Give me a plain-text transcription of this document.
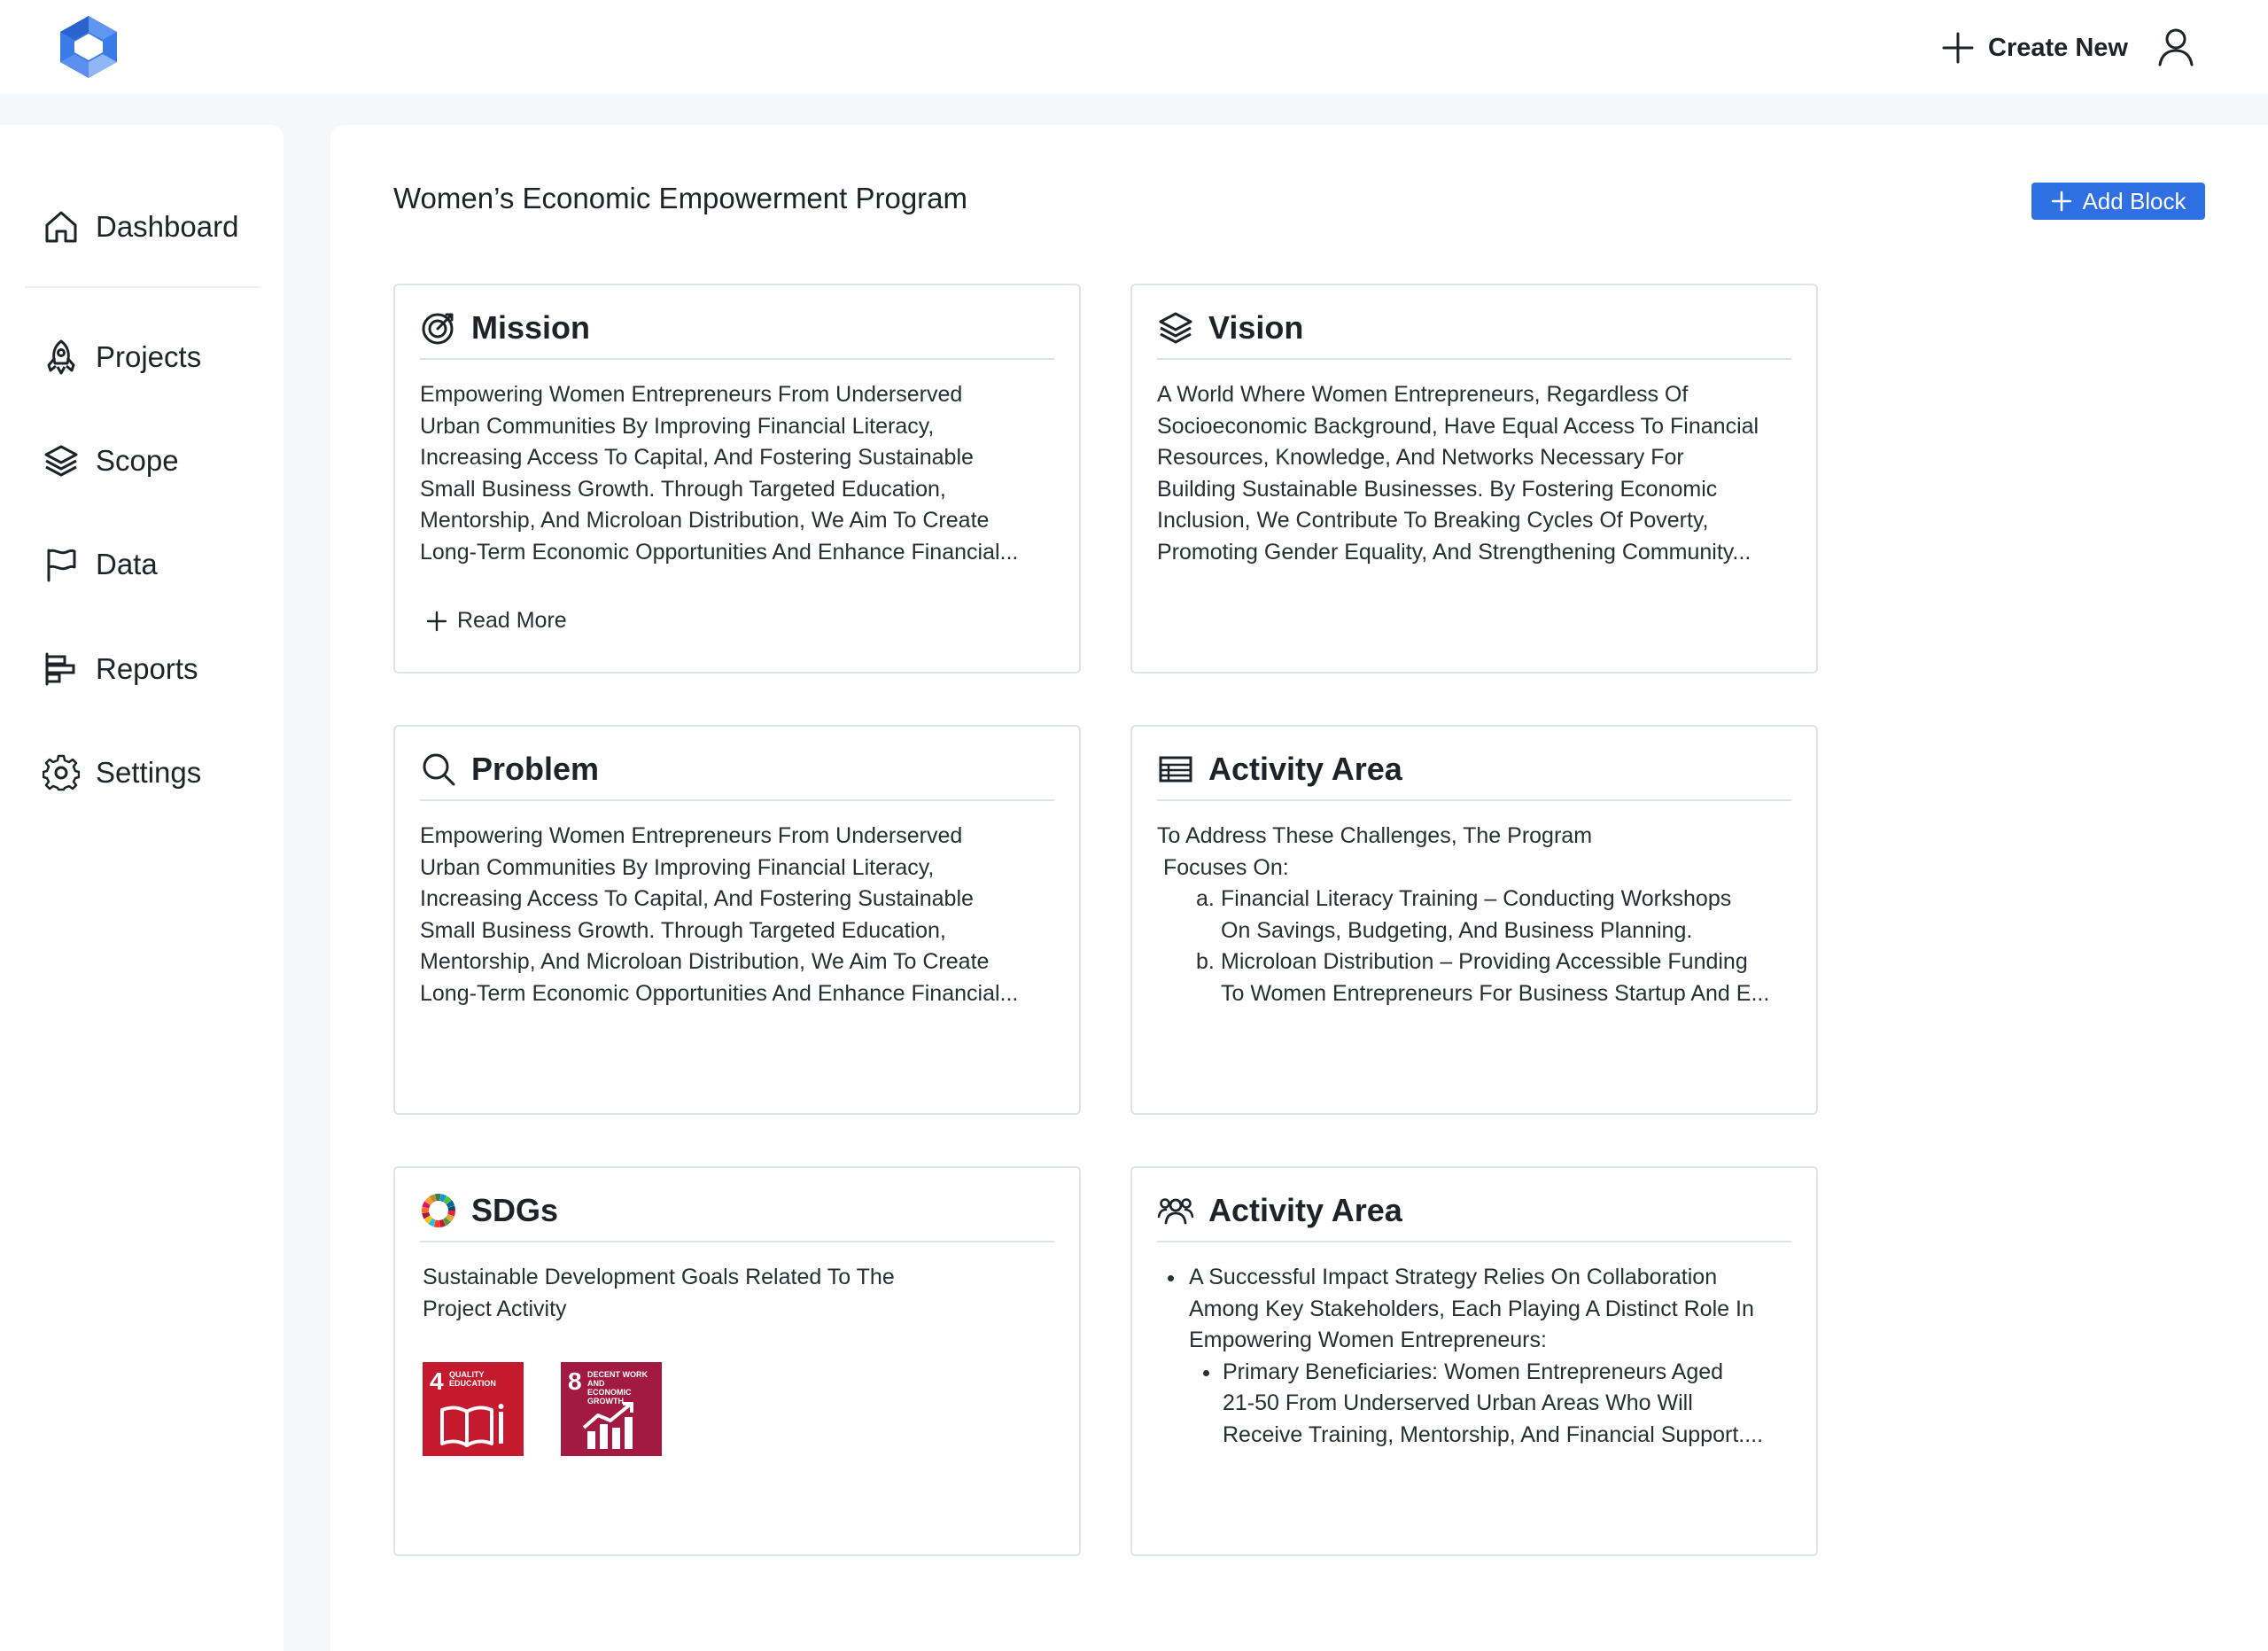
Create New
Dashboard
Projects
Scope
Data
Reports
Settings
Women’s Economic Empowerment Program	Add Block
Mission

Empowering Women Entrepreneurs From Underserved

Urban Communities By Improving Financial Literacy,

Increasing Access To Capital, And Fostering Sustainable

Small Business Growth. Through Targeted Education,

Mentorship, And Microloan Distribution, We Aim To Create

Long-Term Economic Opportunities And Enhance Financial...

Read More
Vision

A World Where Women Entrepreneurs, Regardless Of

Socioeconomic Background, Have Equal Access To Financial

Resources, Knowledge, And Networks Necessary For

Building Sustainable Businesses. By Fostering Economic

Inclusion, We Contribute To Breaking Cycles Of Poverty,

Promoting Gender Equality, And Strengthening Community...

Problem

Empowering Women Entrepreneurs From Underserved

Urban Communities By Improving Financial Literacy,

Increasing Access To Capital, And Fostering Sustainable

Small Business Growth. Through Targeted Education,

Mentorship, And Microloan Distribution, We Aim To Create

Long-Term Economic Opportunities And Enhance Financial...

Activity Area

To Address These Challenges, The Program

Focuses On:

a. Financial Literacy Training – Conducting Workshops

On Savings, Budgeting, And Business Planning.

b. Microloan Distribution – Providing Accessible Funding

To Women Entrepreneurs For Business Startup And E...

SDGs

Sustainable Development Goals Related To The

Project Activity

4 QUALITY
EDUCATION	8 DECENT WORK AND
ECONOMIC GROWTH
Activity Area

A Successful Impact Strategy Relies On Collaboration

Among Key Stakeholders, Each Playing A Distinct Role In

Empowering Women Entrepreneurs:

Primary Beneficiaries: Women Entrepreneurs Aged

21-50 From Underserved Urban Areas Who Will

Receive Training, Mentorship, And Financial Support....
